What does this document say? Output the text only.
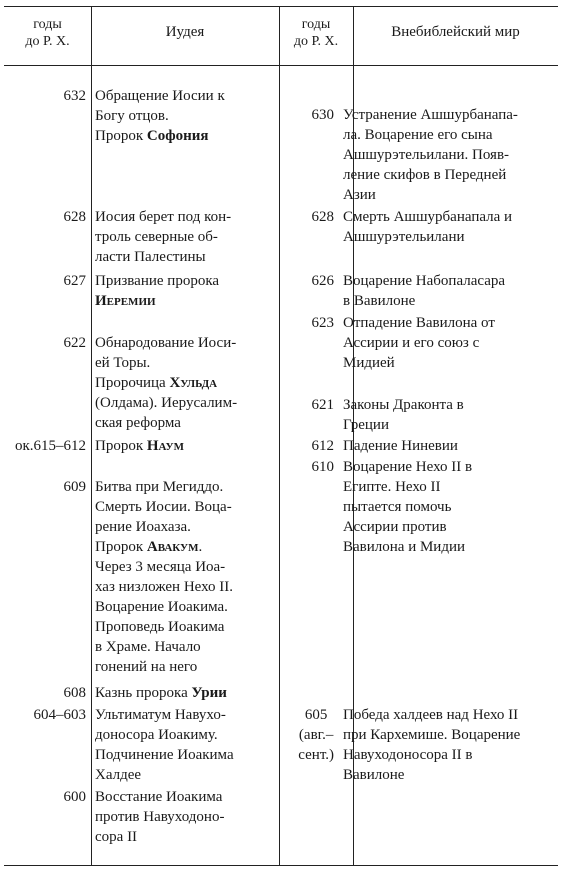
годы
до Р. Х.
Иудея	годы
до Р. Х.
Внебиблейский мир
632 Обращение Иосии к
Богу отцов.
Пророк Софония
628 Иосия берет под кон-
троль северные об-
ласти Палестины
627 Призвание пророка
Иеремии
622 Обнародование Иоси-
ей Торы.
Пророчица Хульда
(Олдама). Иерусалим-
ская реформа
ок.615–612 Пророк Наум
609 Битва при Мегиддо.
Смерть Иосии. Воца-
рение Иоахаза.
Пророк Авакум.
Через 3 месяца Иоа-
хаз низложен Нехо II.
Воцарение Иоакима.
Проповедь Иоакима
в Храме. Начало
гонений на него
608 Казнь пророка Урии
604–603 Ультиматум Навухо-
доносора Иоакиму.
Подчинение Иоакима
Халдее
600 Восстание Иоакима
против Навуходоно-
сора II
630 Устранение Ашшурбанапа-
ла. Воцарение его сына
Ашшурэтельилани. Появ-
ление скифов в Передней
Азии
628 Смерть Ашшурбанапала и
Ашшурэтельилани
626 Воцарение Набопаласара
в Вавилоне
623 Отпадение Вавилона от
Ассирии и его союз с
Мидией
621 Законы Драконта в
Греции
612 Падение Ниневии
610 Воцарение Нехо II в
Египте. Нехо II
пытается помочь
Ассирии против
Вавилона и Мидии
605
(авг.–
сент.)
Победа халдеев над Нехо II
при Кархемише. Воцарение
Навуходоносора II в
Вавилоне
